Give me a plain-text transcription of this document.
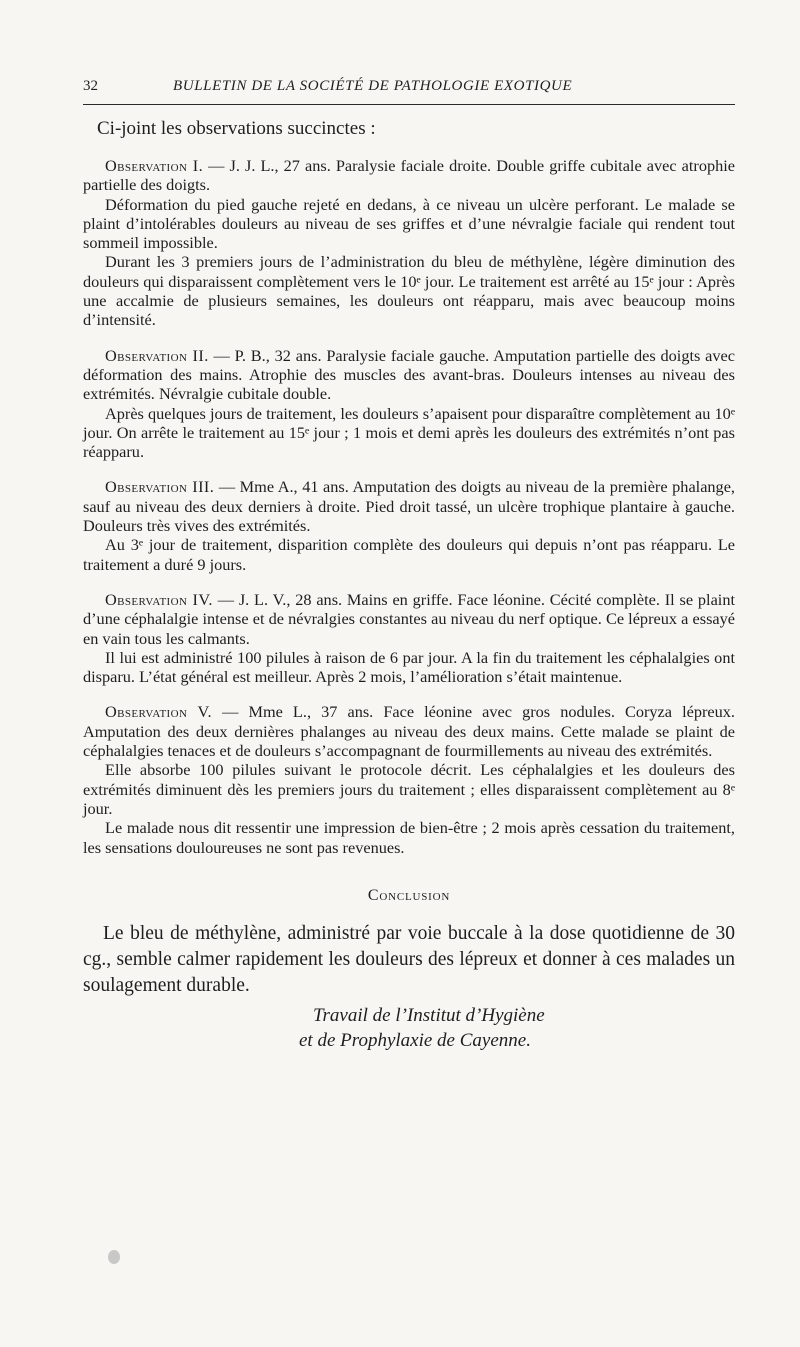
32	BULLETIN DE LA SOCIÉTÉ DE PATHOLOGIE EXOTIQUE
Ci-joint les observations succinctes :

Observation I. — J. J. L., 27 ans. Paralysie faciale droite. Double griffe cubitale avec atrophie partielle des doigts.

Déformation du pied gauche rejeté en dedans, à ce niveau un ulcère perforant. Le malade se plaint d’intolérables douleurs au niveau de ses griffes et d’une névralgie faciale qui rendent tout sommeil impossible.

Durant les 3 premiers jours de l’administration du bleu de méthylène, légère diminution des douleurs qui disparaissent complètement vers le 10ᵉ jour. Le traitement est arrêté au 15ᵉ jour : Après une accalmie de plusieurs semaines, les douleurs ont réapparu, mais avec beaucoup moins d’intensité.

Observation II. — P. B., 32 ans. Paralysie faciale gauche. Amputation partielle des doigts avec déformation des mains. Atrophie des muscles des avant-bras. Douleurs intenses au niveau des extrémités. Névralgie cubitale double.

Après quelques jours de traitement, les douleurs s’apaisent pour disparaître complètement au 10ᵉ jour. On arrête le traitement au 15ᵉ jour ; 1 mois et demi après les douleurs des extrémités n’ont pas réapparu.

Observation III. — Mme A., 41 ans. Amputation des doigts au niveau de la première phalange, sauf au niveau des deux derniers à droite. Pied droit tassé, un ulcère trophique plantaire à gauche. Douleurs très vives des extrémités.

Au 3ᵉ jour de traitement, disparition complète des douleurs qui depuis n’ont pas réapparu. Le traitement a duré 9 jours.

Observation IV. — J. L. V., 28 ans. Mains en griffe. Face léonine. Cécité complète. Il se plaint d’une céphalalgie intense et de névralgies constantes au niveau du nerf optique. Ce lépreux a essayé en vain tous les calmants.

Il lui est administré 100 pilules à raison de 6 par jour. A la fin du traitement les céphalalgies ont disparu. L’état général est meilleur. Après 2 mois, l’amélioration s’était maintenue.

Observation V. — Mme L., 37 ans. Face léonine avec gros nodules. Coryza lépreux. Amputation des deux dernières phalanges au niveau des deux mains. Cette malade se plaint de céphalalgies tenaces et de douleurs s’accompagnant de fourmillements au niveau des extrémités.

Elle absorbe 100 pilules suivant le protocole décrit. Les céphalalgies et les douleurs des extrémités diminuent dès les premiers jours du traitement ; elles disparaissent complètement au 8ᵉ jour.

Le malade nous dit ressentir une impression de bien-être ; 2 mois après cessation du traitement, les sensations douloureuses ne sont pas revenues.

Conclusion

Le bleu de méthylène, administré par voie buccale à la dose quotidienne de 30 cg., semble calmer rapidement les douleurs des lépreux et donner à ces malades un soulagement durable.

Travail de l’Institut d’Hygiène
et de Prophylaxie de Cayenne.
